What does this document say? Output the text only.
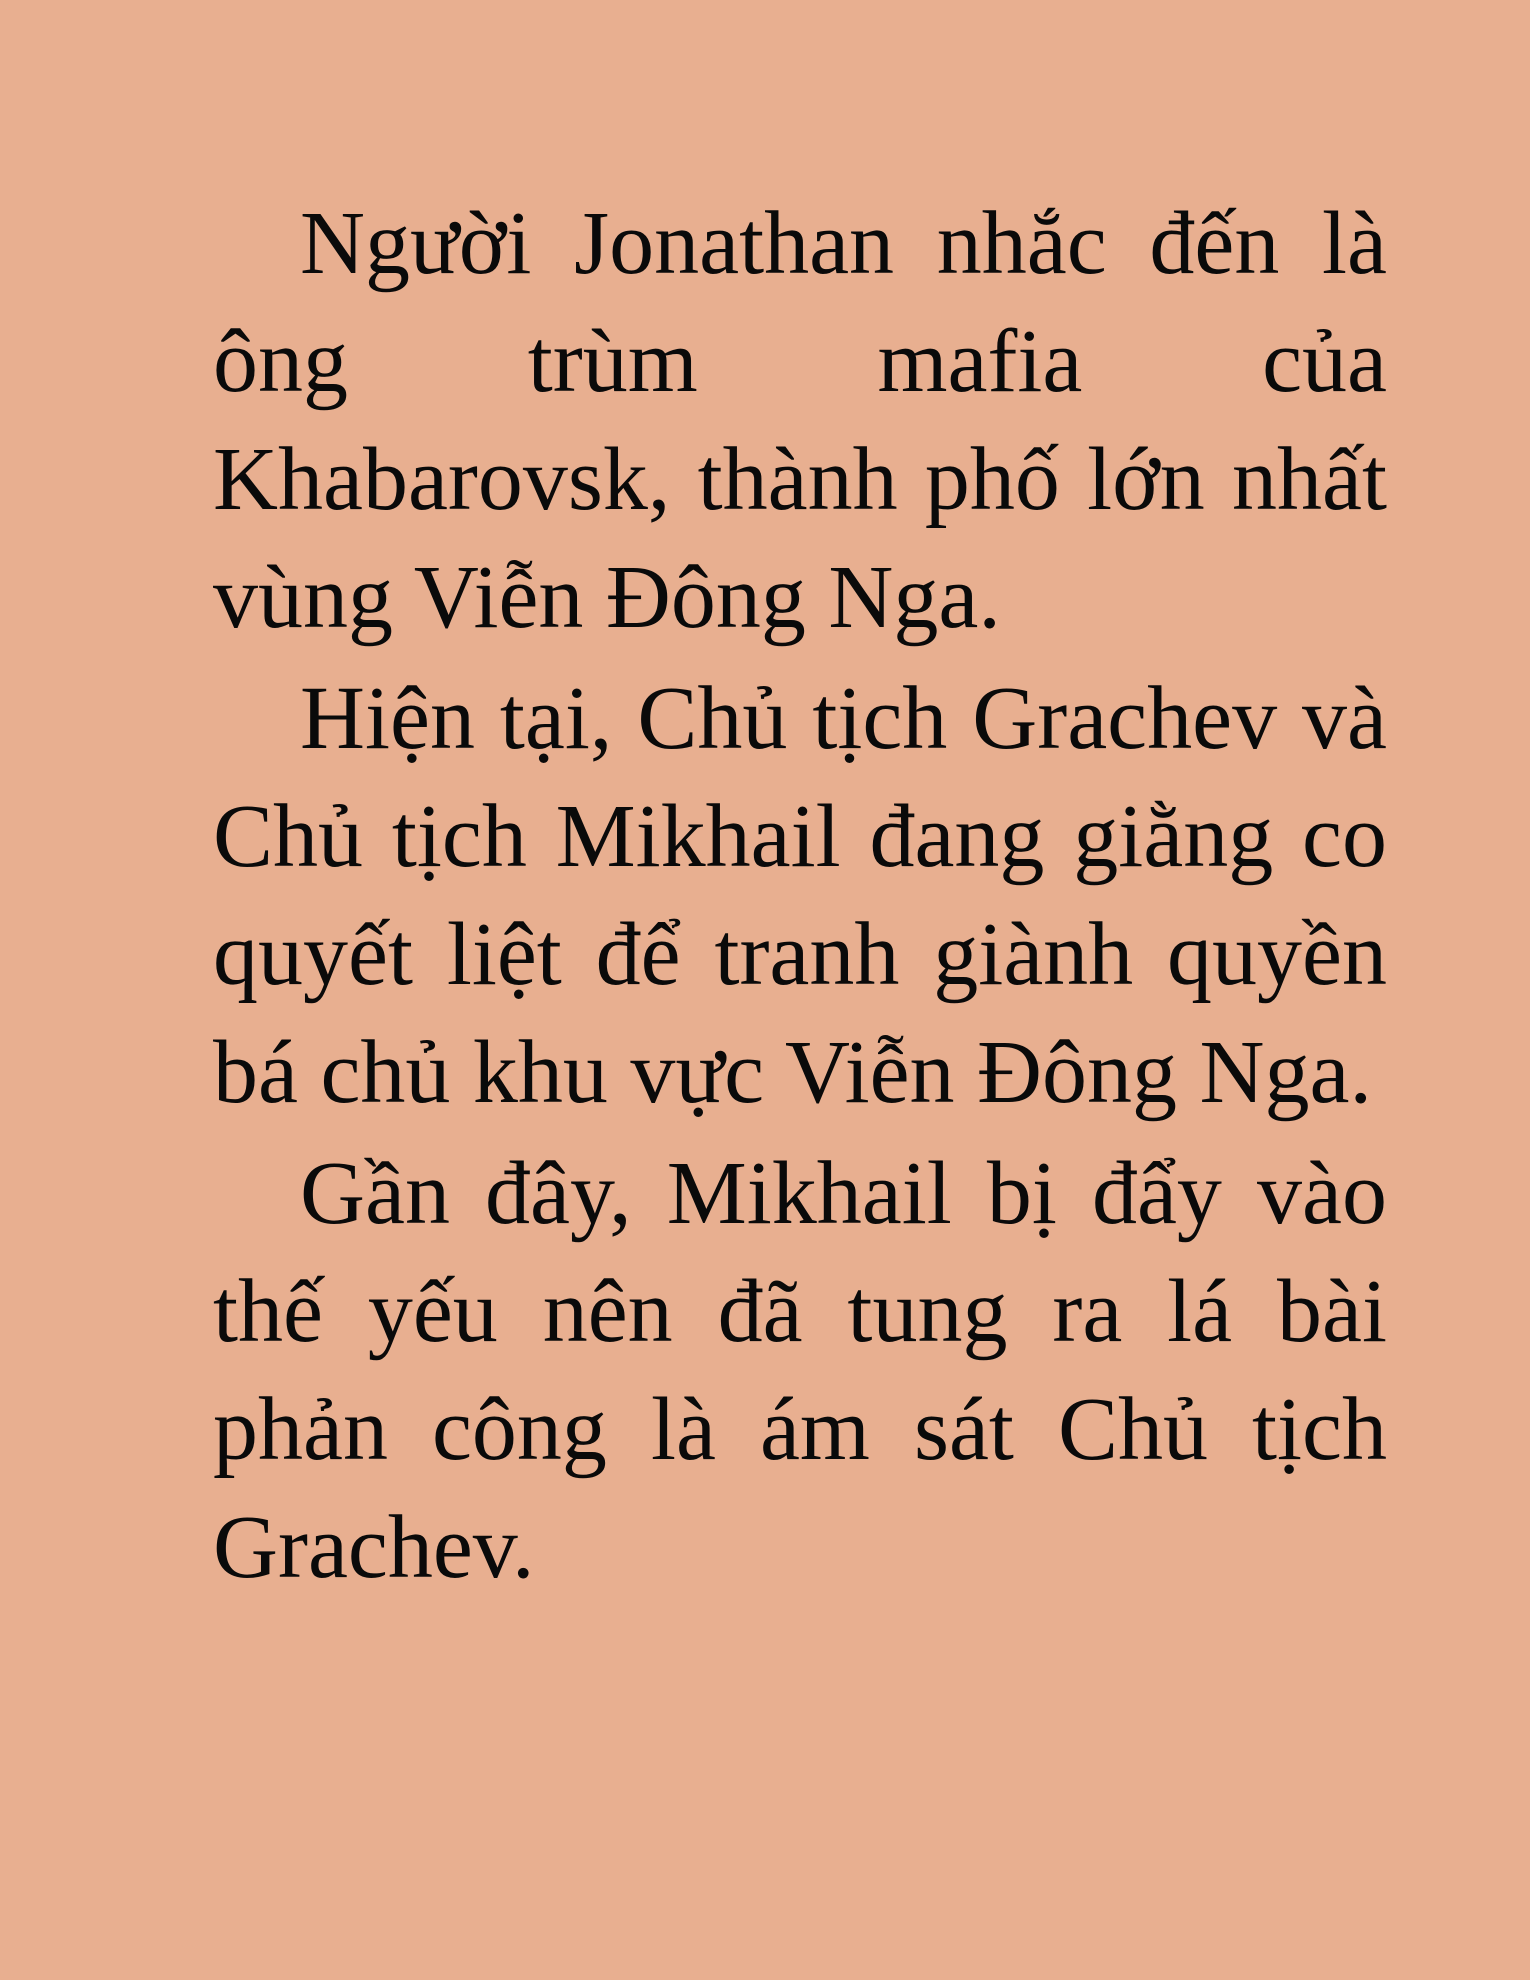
Người Jonathan nhắc đến là ông trùm mafia của Khabarovsk, thành phố lớn nhất vùng Viễn Đông Nga.

Hiện tại, Chủ tịch Grachev và Chủ tịch Mikhail đang giằng co quyết liệt để tranh giành quyền bá chủ khu vực Viễn Đông Nga.

Gần đây, Mikhail bị đẩy vào thế yếu nên đã tung ra lá bài phản công là ám sát Chủ tịch Grachev.
